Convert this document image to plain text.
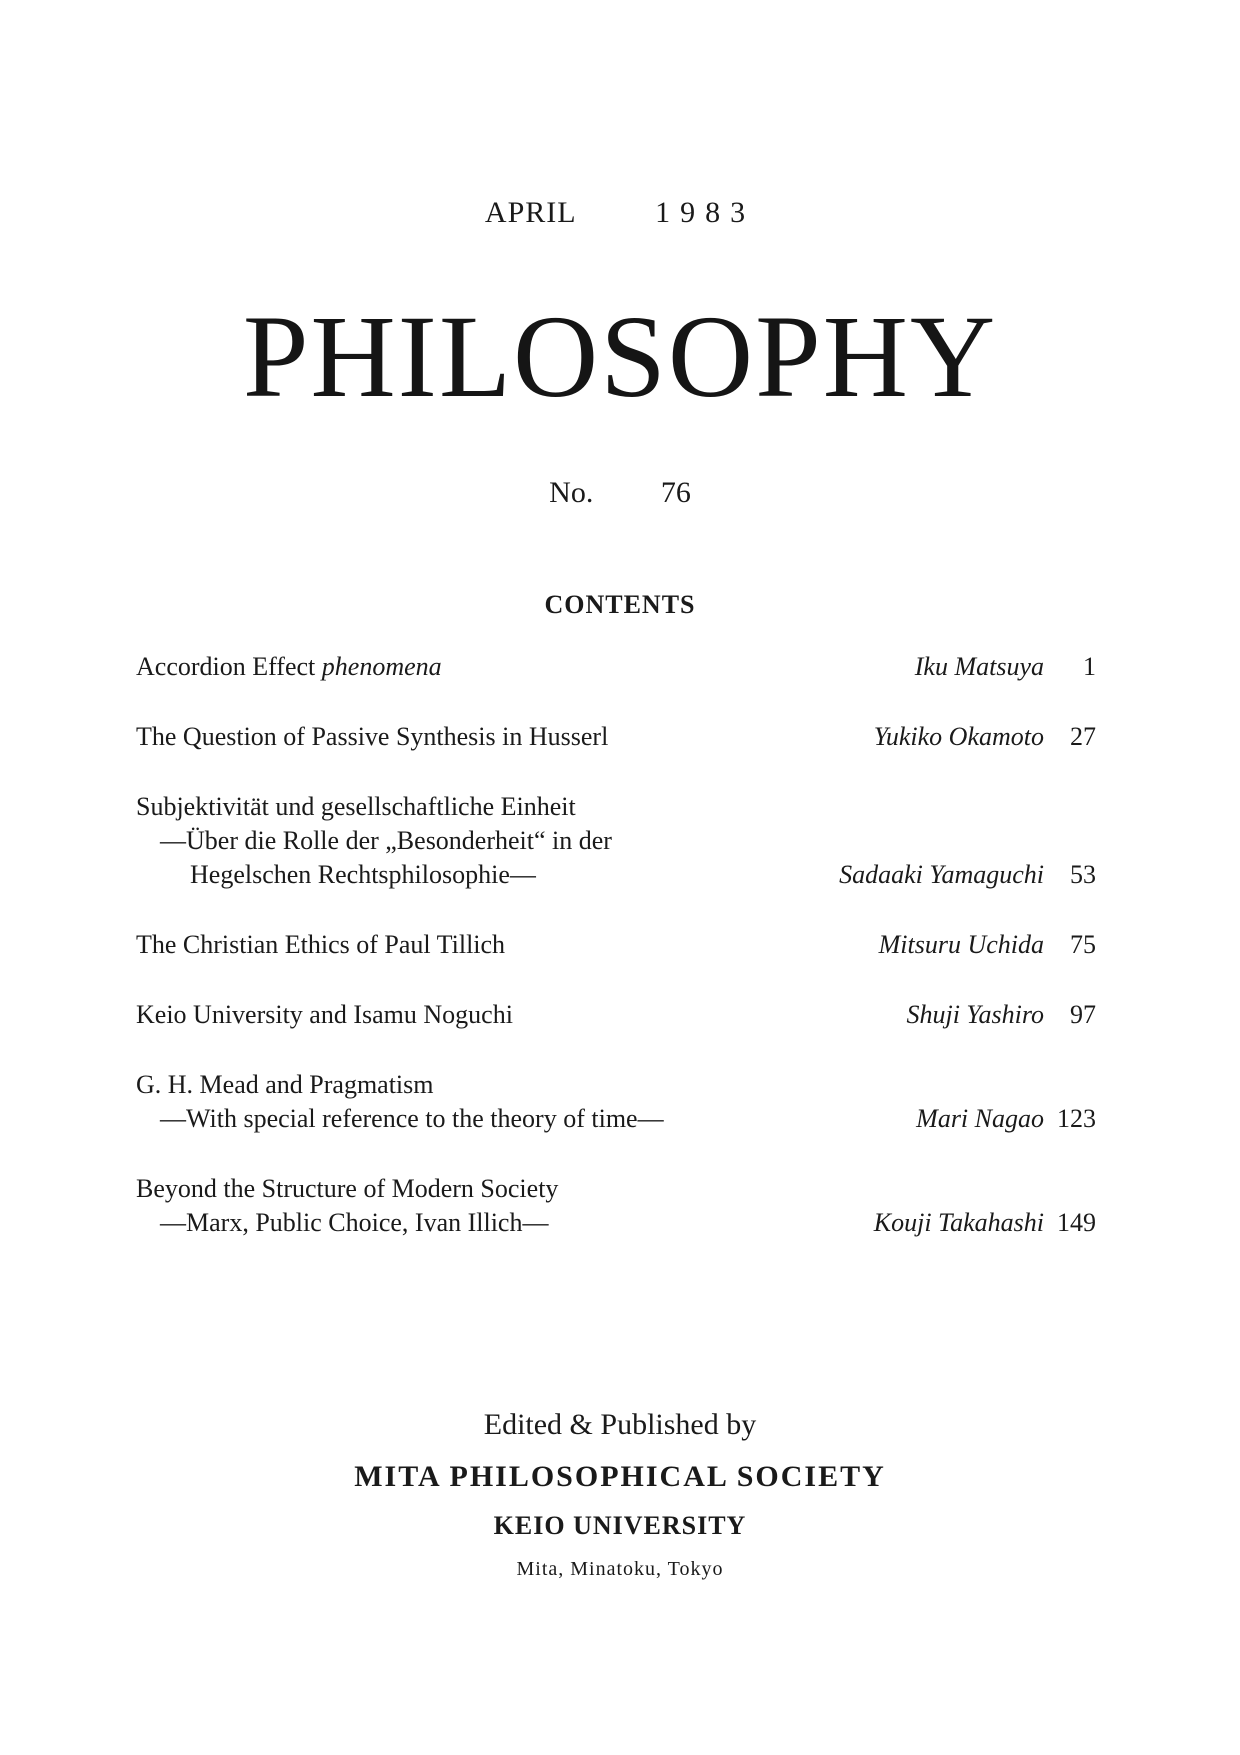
APRIL	1983
PHILOSOPHY
No. 76
CONTENTS
Accordion Effect phenomena	Iku Matsuya	1
The Question of Passive Synthesis in Husserl	Yukiko Okamoto	27
Subjektivität und gesellschaftliche Einheit
—Über die Rolle der „Besonderheit“ in der
Hegelschen Rechtsphilosophie—	Sadaaki Yamaguchi	53
The Christian Ethics of Paul Tillich	Mitsuru Uchida	75
Keio University and Isamu Noguchi	Shuji Yashiro	97
G. H. Mead and Pragmatism
—With special reference to the theory of time—	Mari Nagao 123
Beyond the Structure of Modern Society
—Marx, Public Choice, Ivan Illich—	Kouji Takahashi 149
Edited & Published by
MITA PHILOSOPHICAL SOCIETY
KEIO UNIVERSITY
Mita, Minatoku, Tokyo
